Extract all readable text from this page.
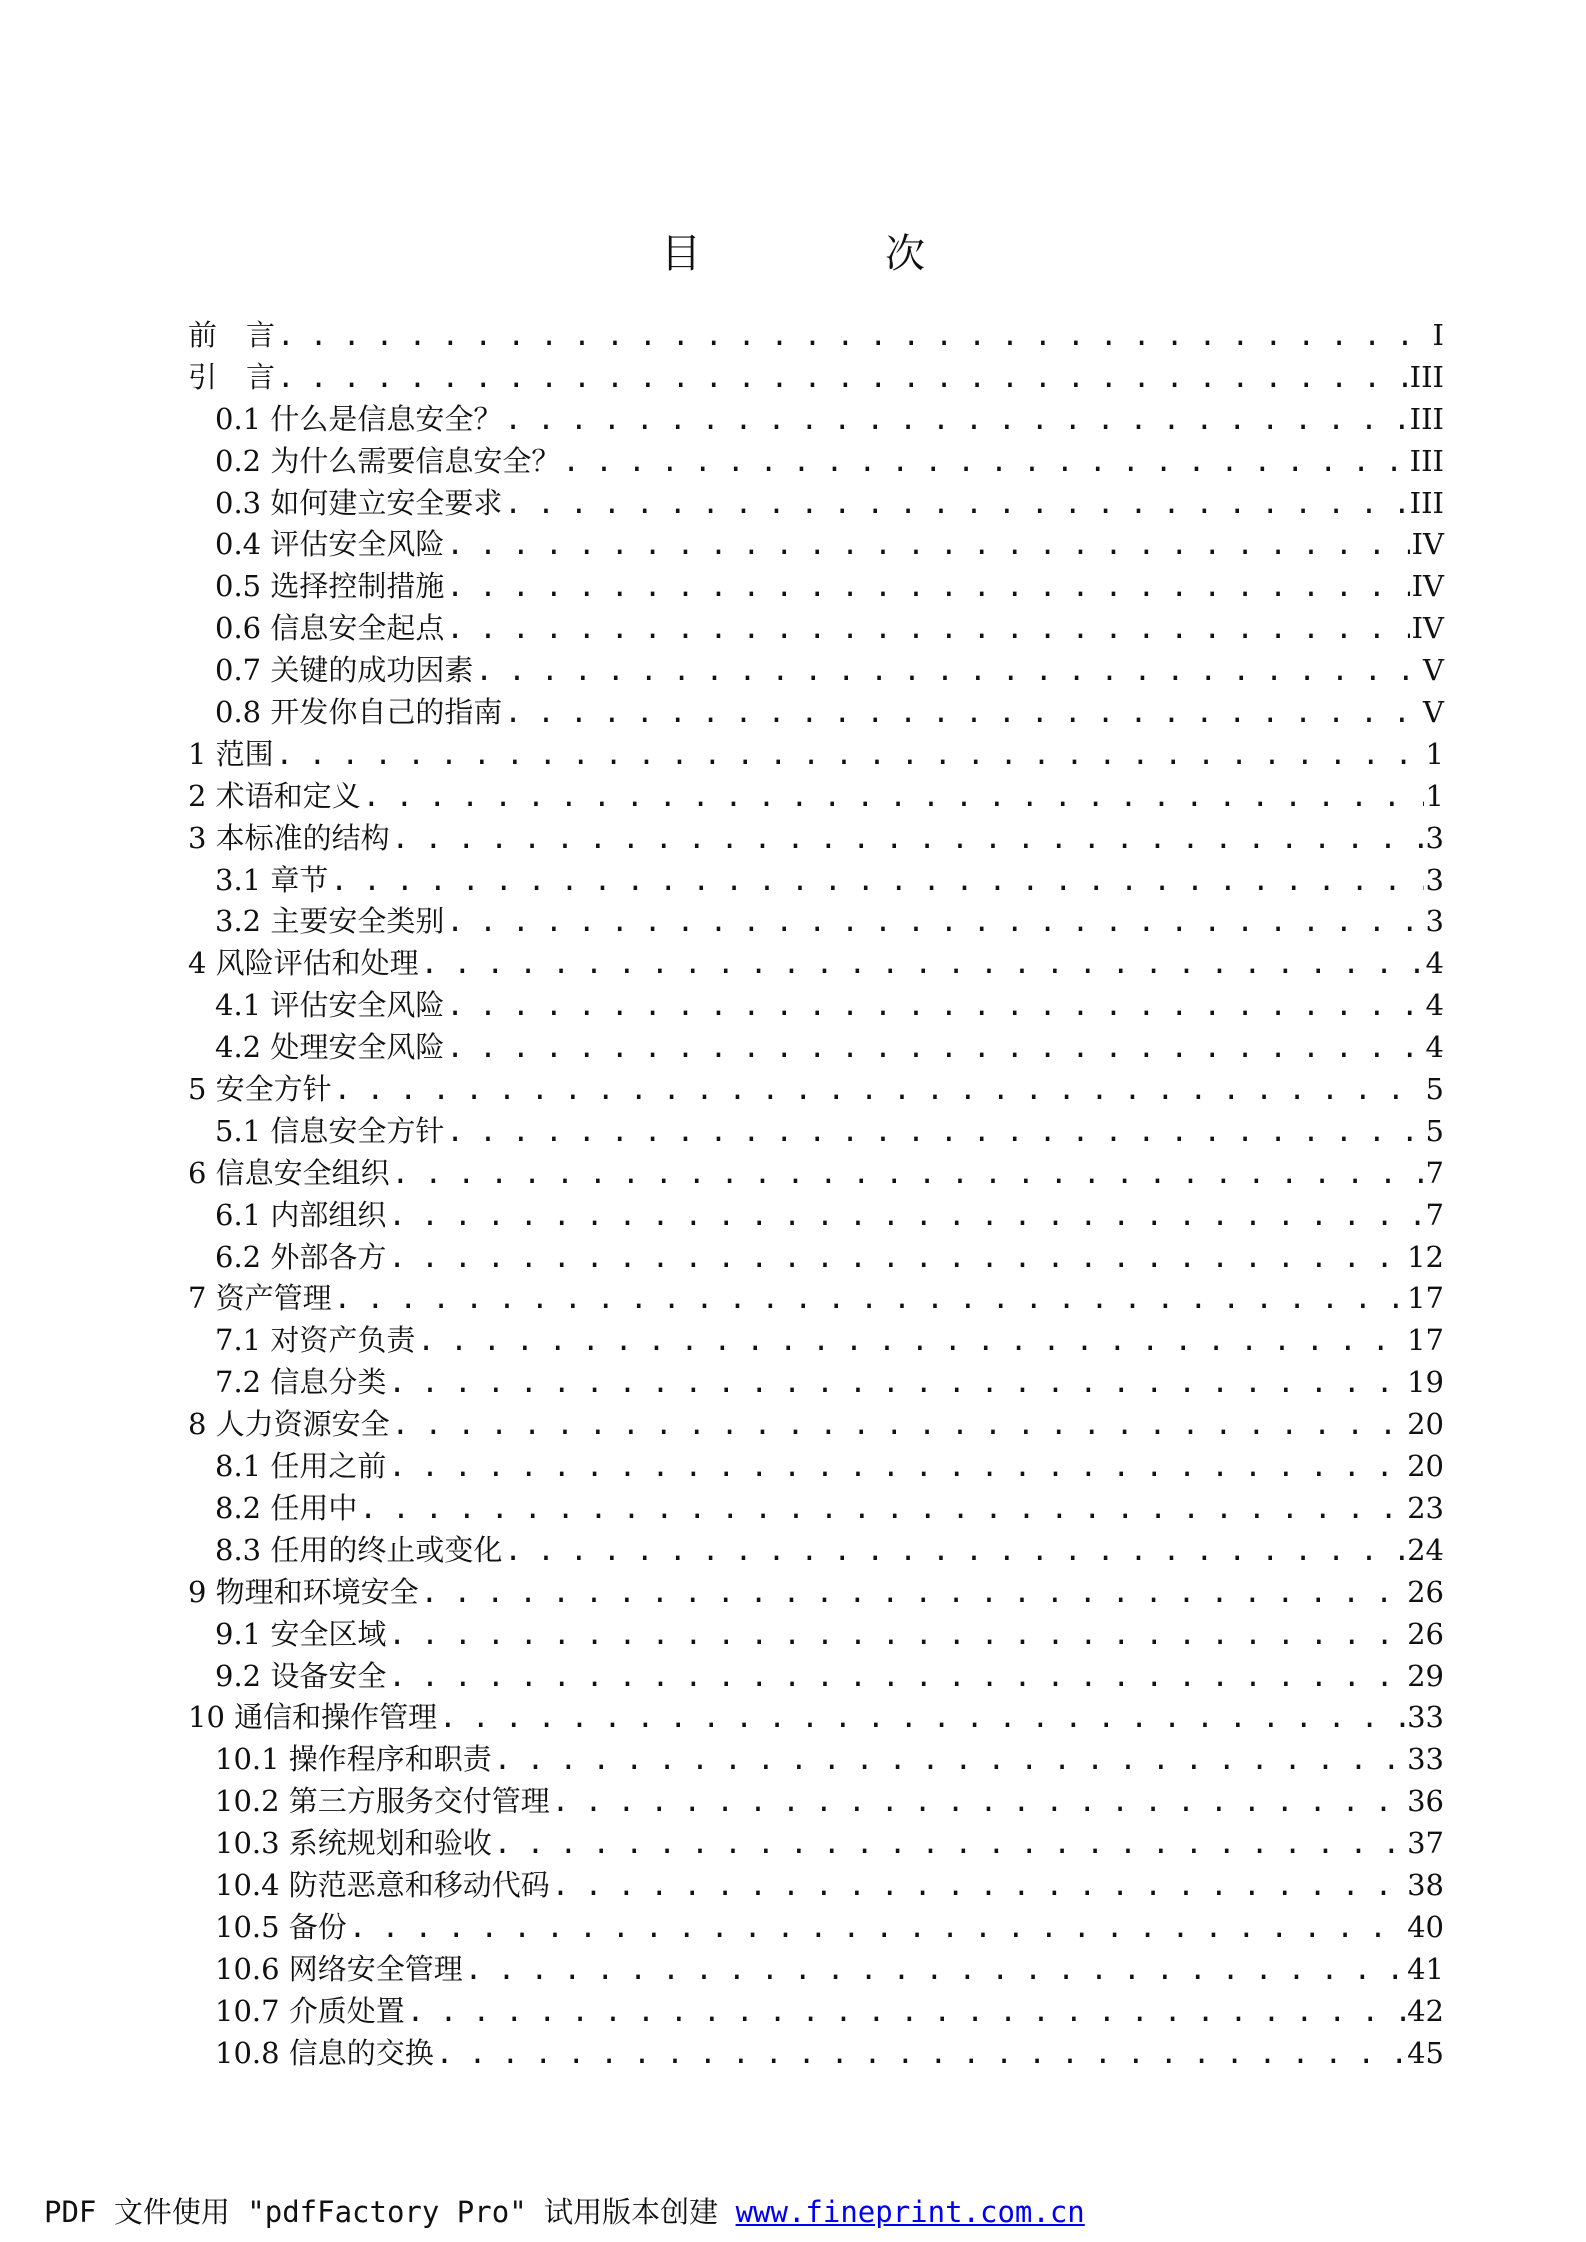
目　次
前　言 . . .	I
引　言 . . .	III
0.1 什么是信息安全？ . . .	III
0.2 为什么需要信息安全？ . . .	III
0.3 如何建立安全要求 . . .	III
0.4 评估安全风险 . . .	IV
0.5 选择控制措施 . . .	IV
0.6 信息安全起点 . . .	IV
0.7 关键的成功因素 . . .	V
0.8 开发你自己的指南 . . .	V
1 范围 . . .	1
2 术语和定义 . . .	1
3 本标准的结构 . . .	3
3.1 章节 . . .	3
3.2 主要安全类别 . . .	3
4 风险评估和处理 . . .	4
4.1 评估安全风险 . . .	4
4.2 处理安全风险 . . .	4
5 安全方针 . . .	5
5.1 信息安全方针 . . .	5
6 信息安全组织 . . .	7
6.1 内部组织 . . .	7
6.2 外部各方 . . .	12
7 资产管理 . . .	17
7.1 对资产负责 . . .	17
7.2 信息分类 . . .	19
8 人力资源安全 . . .	20
8.1 任用之前 . . .	20
8.2 任用中 . . .	23
8.3 任用的终止或变化 . . .	24
9 物理和环境安全 . . .	26
9.1 安全区域 . . .	26
9.2 设备安全 . . .	29
10 通信和操作管理 . . .	33
10.1 操作程序和职责 . . .	33
10.2 第三方服务交付管理 . . .	36
10.3 系统规划和验收 . . .	37
10.4 防范恶意和移动代码 . . .	38
10.5 备份 . . .	40
10.6 网络安全管理 . . .	41
10.7 介质处置 . . .	42
10.8 信息的交换 . . .	45
PDF 文件使用 "pdfFactory Pro" 试用版本创建 www.fineprint.com.cn
